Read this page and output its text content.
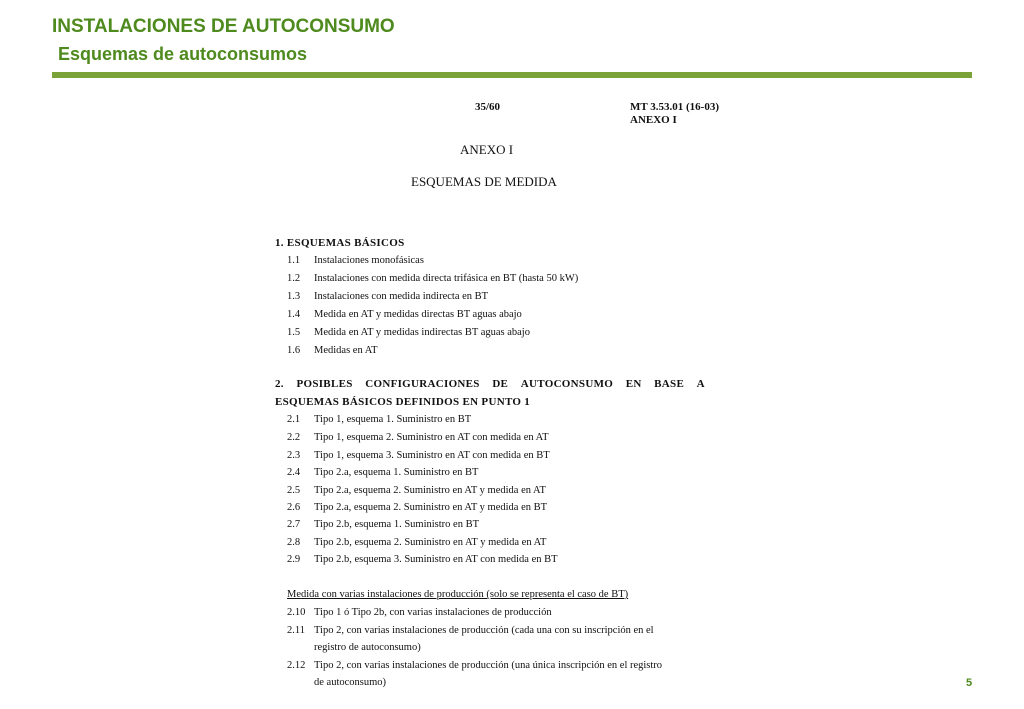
INSTALACIONES DE AUTOCONSUMO
Esquemas de autoconsumos
35/60	MT 3.53.01 (16-03)
ANEXO I
ANEXO I
ESQUEMAS DE MEDIDA
1. ESQUEMAS BÁSICOS
1.1 Instalaciones monofásicas
1.2 Instalaciones con medida directa trifásica en BT (hasta 50 kW)
1.3 Instalaciones con medida indirecta en BT
1.4 Medida en AT y medidas directas BT aguas abajo
1.5 Medida en AT y medidas indirectas BT aguas abajo
1.6 Medidas en AT
2. POSIBLES CONFIGURACIONES DE AUTOCONSUMO EN BASE A
ESQUEMAS BÁSICOS DEFINIDOS EN PUNTO 1
2.1 Tipo 1, esquema 1. Suministro en BT
2.2 Tipo 1, esquema 2. Suministro en AT con medida en AT
2.3 Tipo 1, esquema 3. Suministro en AT con medida en BT
2.4 Tipo 2.a, esquema 1. Suministro en BT
2.5 Tipo 2.a, esquema 2. Suministro en AT y medida en AT
2.6 Tipo 2.a, esquema 2. Suministro en AT y medida en BT
2.7 Tipo 2.b, esquema 1. Suministro en BT
2.8 Tipo 2.b, esquema 2. Suministro en AT y medida en AT
2.9 Tipo 2.b, esquema 3. Suministro en AT con medida en BT
Medida con varias instalaciones de producción (solo se representa el caso de BT)
2.10 Tipo 1 ó Tipo 2b, con varias instalaciones de producción
2.11 Tipo 2, con varias instalaciones de producción (cada una con su inscripción en el
registro de autoconsumo)
2.12 Tipo 2, con varias instalaciones de producción (una única inscripción en el registro
de autoconsumo)	5
